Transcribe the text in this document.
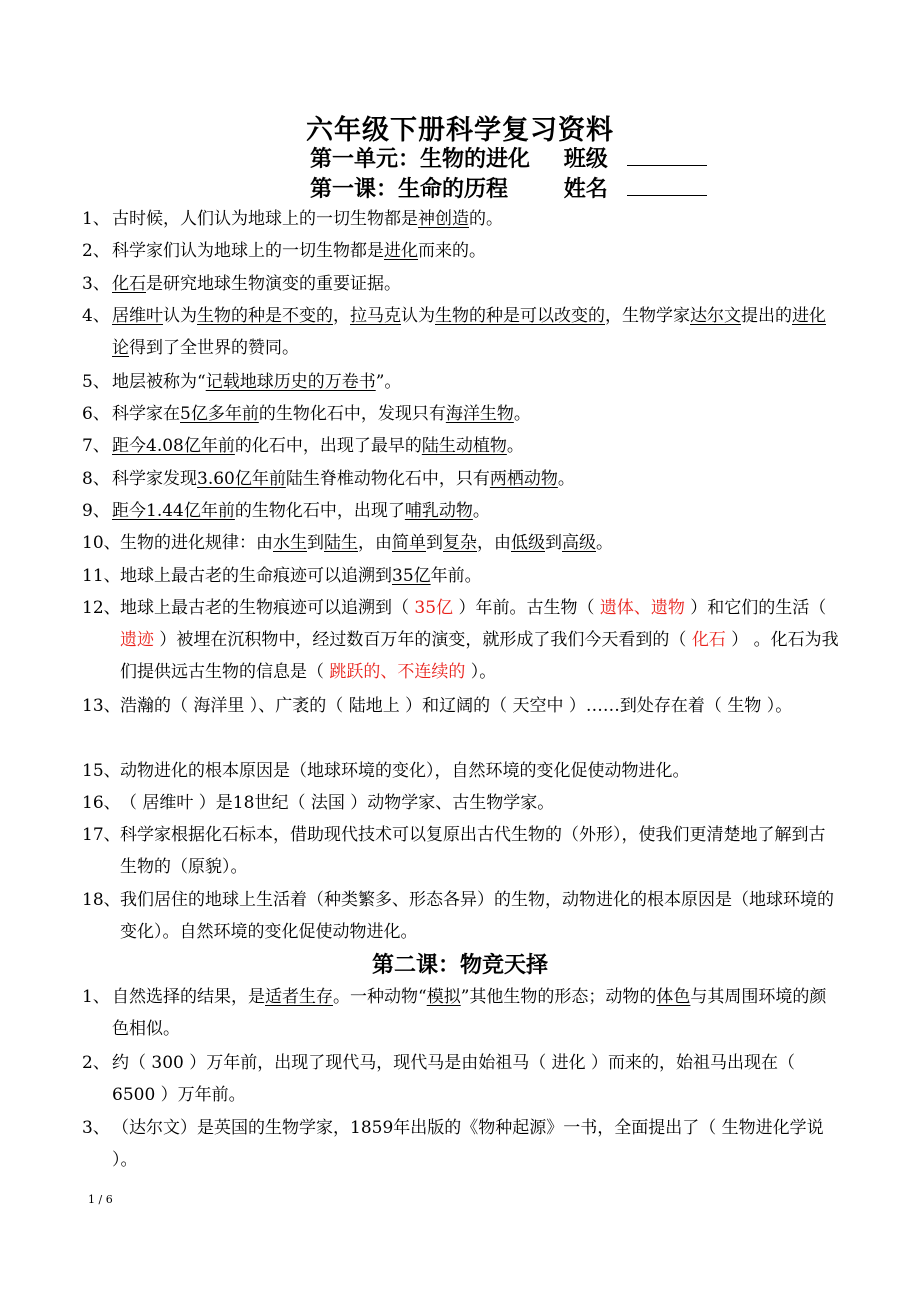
六年级下册科学复习资料
第一单元：生物的进化 班级
第一课：生命的历程	姓名
1、 古时候，人们认为地球上的一切生物都是神创造的。
2、 科学家们认为地球上的一切生物都是进化而来的。
3、 化石是研究地球生物演变的重要证据。
4、 居维叶认为生物的种是不变的，拉马克认为生物的种是可以改变的，生物学家达尔文提出的进化论得到了全世界的赞同。
5、 地层被称为“记载地球历史的万卷书”。
6、 科学家在5亿多年前的生物化石中，发现只有海洋生物。
7、 距今4.08亿年前的化石中，出现了最早的陆生动植物。
8、 科学家发现3.60亿年前陆生脊椎动物化石中，只有两栖动物。
9、 距今1.44亿年前的生物化石中，出现了哺乳动物。
10、 生物的进化规律：由水生到陆生，由简单到复杂，由低级到高级。
11、 地球上最古老的生命痕迹可以追溯到35亿年前。
12、 地球上最古老的生物痕迹可以追溯到（ 35亿 ）年前。古生物（ 遗体、遗物 ）和它们的生活（ 遗迹 ）被埋在沉积物中，经过数百万年的演变，就形成了我们今天看到的（ 化石 ） 。化石为我们提供远古生物的信息是（ 跳跃的、不连续的 ）。
13、 浩瀚的（ 海洋里 ）、广袤的（ 陆地上 ）和辽阔的（ 天空中 ）……到处存在着（ 生物 ）。
15、 动物进化的根本原因是（地球环境的变化），自然环境的变化促使动物进化。
16、 （ 居维叶 ）是18世纪（ 法国 ）动物学家、古生物学家。
17、 科学家根据化石标本，借助现代技术可以复原出古代生物的（外形），使我们更清楚地了解到古生物的（原貌）。
18、 我们居住的地球上生活着（种类繁多、形态各异）的生物，动物进化的根本原因是（地球环境的变化）。自然环境的变化促使动物进化。
第二课：物竞天择
1、 自然选择的结果，是适者生存。一种动物“模拟”其他生物的形态；动物的体色与其周围环境的颜色相似。
2、 约（ 300 ）万年前，出现了现代马，现代马是由始祖马（ 进化 ）而来的，始祖马出现在（ 6500 ）万年前。
3、 （达尔文）是英国的生物学家，1859年出版的《物种起源》一书，全面提出了（ 生物进化学说 ）。
1 / 6
